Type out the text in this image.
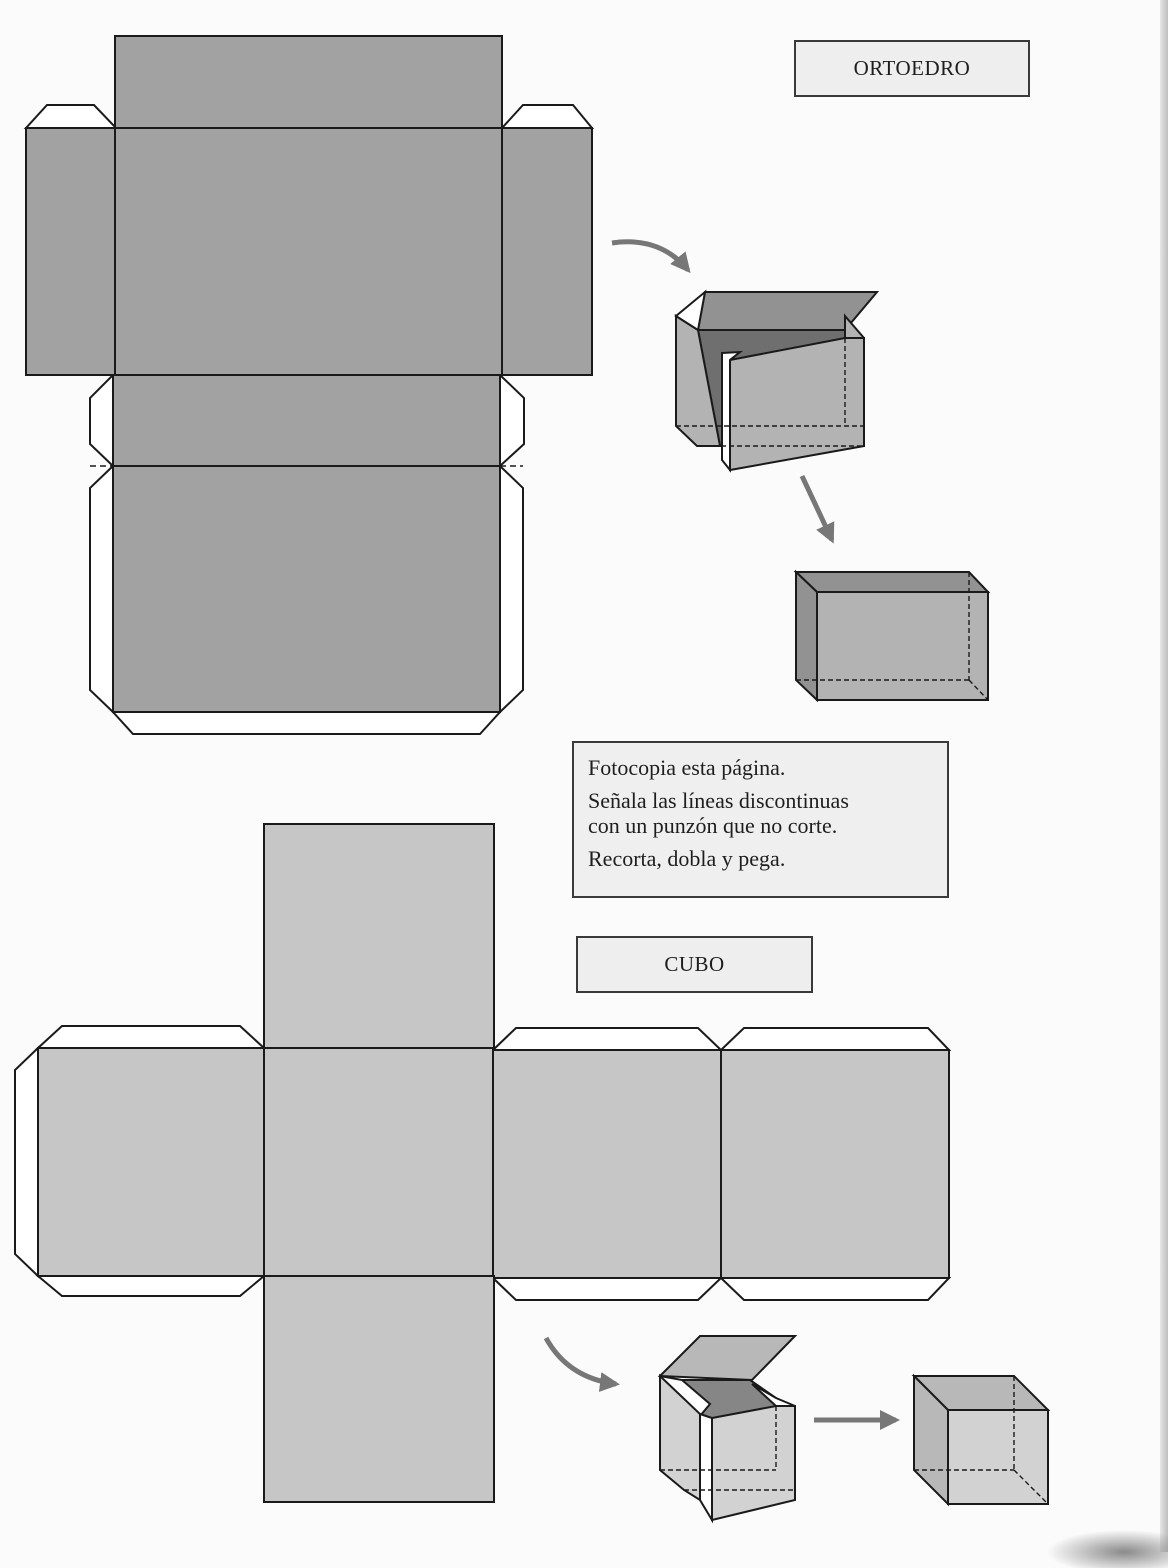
ORTOEDRO
CUBO

Fotocopia esta página.

Señala las líneas discontinuas
con un punzón que no corte.

Recorta, dobla y pega.
